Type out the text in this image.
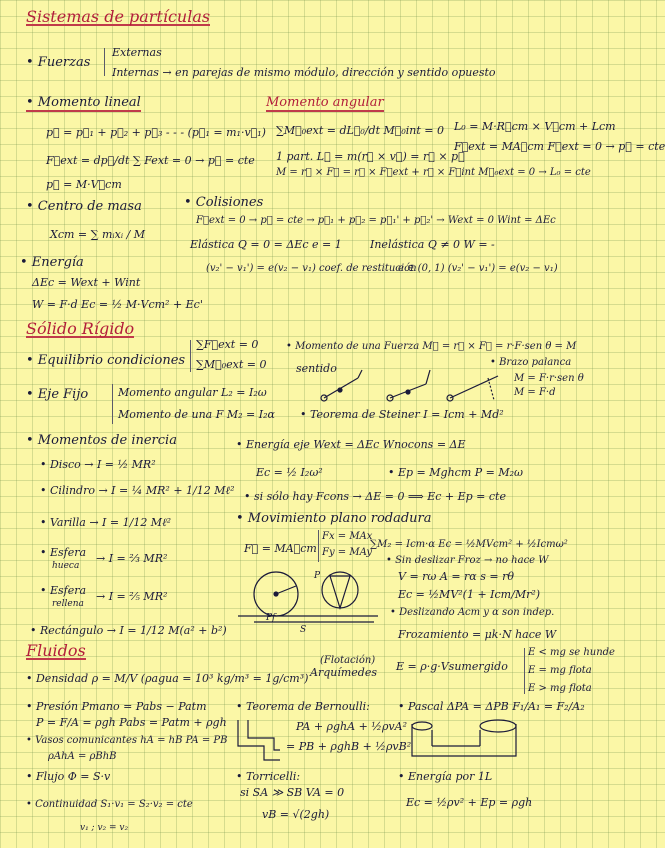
Sistemas de partículas
• Fuerzas
Externas
Internas → en parejas de mismo módulo, dirección y sentido opuesto
• Momento lineal
p⃗ = p⃗₁ + p⃗₂ + p⃗₃ - - - (p⃗₁ = m₁·v⃗₁)
F⃗ext = dp⃗/dt ∑ Fext = 0 → p⃗ = cte
p⃗ = M·V⃗cm
Momento angular
∑M⃗₀ext = dL⃗₀/dt M⃗₀int = 0 L₀ = M·R⃗cm × V⃗cm + Lcm
1 part. L⃗ = m(r⃗ × v⃗) = r⃗ × p⃗
F⃗ext = MA⃗cm F⃗ext = 0 → p⃗ = cte
M = r⃗ × F⃗ = r⃗ × F⃗ext + r⃗ × F⃗int M⃗₀ext = 0 → L₀ = cte
• Centro de masa
Xcm = ∑ mᵢxᵢ / M
• Colisiones
F⃗ext = 0 → p⃗ = cte → p⃗₁ + p⃗₂ = p⃗₁' + p⃗₂' → Wext = 0 Wint = ΔEc
Elástica Q = 0 = ΔEc e = 1	Inelástica Q ≠ 0 W = -
(v₂' − v₁') = e(v₂ − v₁) coef. de restitución
e ∈ (0, 1) (v₂' − v₁') = e(v₂ − v₁)
• Energía
ΔEc = Wext + Wint
W = F·d Ec = ½ M·Vcm² + Ec'
Sólido Rígido
• Equilibrio condiciones
∑F⃗ext = 0
∑M⃗₀ext = 0
• Momento de una Fuerza M⃗ = r⃗ × F⃗ = r·F·sen θ = M
sentido	• Brazo palanca
M = F·r·sen θ
M = F·d
• Eje Fijo	Momento angular L₂ = I₂ω
Momento de una F M₂ = I₂α • Teorema de Steiner I = Icm + Md²
• Momentos de inercia
• Disco → I = ½ MR²
• Cilindro → I = ¼ MR² + 1/12 Mℓ²
• Varilla → I = 1/12 Mℓ²
• Esfera
hueca
→ I = ⅔ MR²
• Esfera
rellena
→ I = ⅖ MR²
• Rectángulo → I = 1/12 M(a² + b²)
• Energía eje Wext = ΔEc Wnocons = ΔE
Ec = ½ I₂ω²	• Ep = Mghcm P = M₂ω
• si sólo hay Fcons → ΔE = 0 ⟹ Ec + Ep = cte
• Movimiento plano rodadura
F⃗ = MA⃗cm
Fx = MAx
Fy = MAy
∑M₂ = Icm·α Ec = ½MVcm² + ½Icmω²
• Sin deslizar Froz → no hace W
V = rω A = rα s = rθ
Ec = ½MV²(1 + Icm/Mr²)
• Deslizando Acm y α son indep.
Frozamiento = μk·N hace W
P
Pf
S
Fluidos
• Densidad ρ = M/V (ρagua = 10³ kg/m³ = 1g/cm³)
(Flotación)
Arquímedes E = ρ·g·Vsumergido
E < mg se hunde
E = mg flota
E > mg flota
• Presión Pmano = Pabs − Patm
P = F/A = ρgh Pabs = Patm + ρgh
• Vasos comunicantes hA = hB PA = PB
ρAhA = ρBhB
• Teorema de Bernoulli:
PA + ρghA + ½ρvA²
= PB + ρghB + ½ρvB²
• Pascal ΔPA = ΔPB F₁/A₁ = F₂/A₂
• Flujo Φ = S·v	• Torricelli:
si SA ≫ SB VA = 0
vB = √(2gh)
• Energía por 1L
Ec = ½ρv² + Ep = ρgh
• Continuidad S₁·v₁ = S₂·v₂ = cte
v₁ ; v₂ = v₂
